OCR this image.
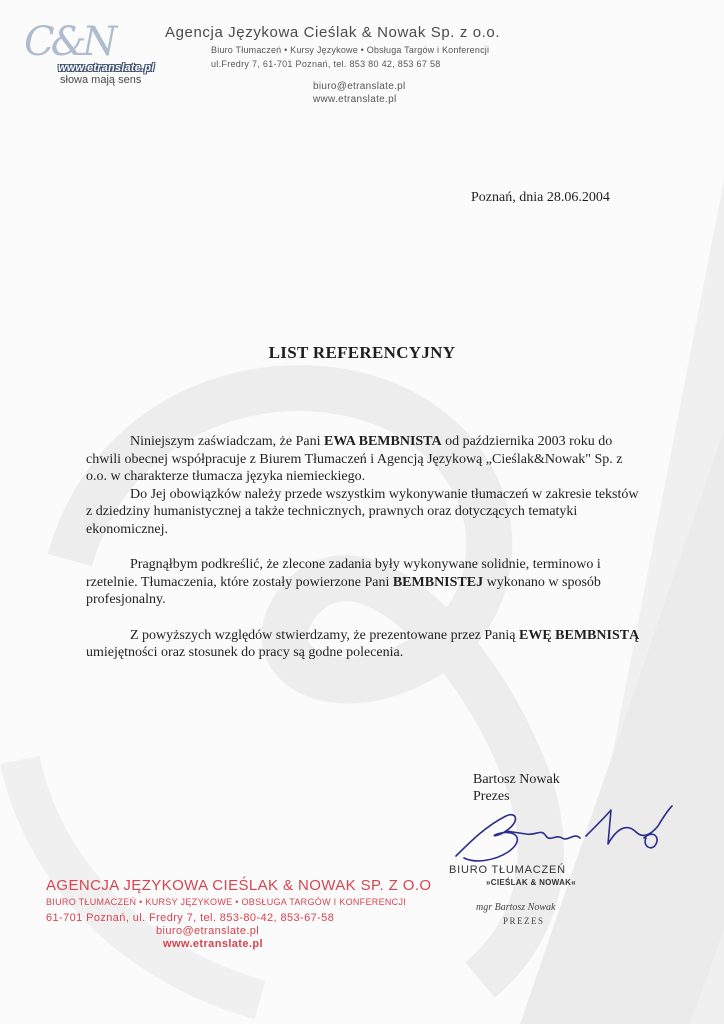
C&N
www.etranslate.pl
słowa mają sens
Agencja Językowa Cieślak & Nowak Sp. z o.o.
Biuro Tłumaczeń • Kursy Językowe • Obsługa Targów i Konferencji
ul.Fredry 7, 61-701 Poznań, tel. 853 80 42, 853 67 58
biuro@etranslate.pl
www.etranslate.pl
Poznań, dnia 28.06.2004
LIST REFERENCYJNY

Niniejszym zaświadczam, że Pani EWA BEMBNISTA od października 2003 roku do chwili obecnej współpracuje z Biurem Tłumaczeń i Agencją Językową „Cieślak&Nowak" Sp. z o.o. w charakterze tłumacza języka niemieckiego.

Do Jej obowiązków należy przede wszystkim wykonywanie tłumaczeń w zakresie tekstów z dziedziny humanistycznej a także technicznych, prawnych oraz dotyczących tematyki ekonomicznej.

Pragnąłbym podkreślić, że zlecone zadania były wykonywane solidnie, terminowo i rzetelnie. Tłumaczenia, które zostały powierzone Pani BEMBNISTEJ wykonano w sposób profesjonalny.

Z powyższych względów stwierdzamy, że prezentowane przez Panią EWĘ BEMBNISTĄ umiejętności oraz stosunek do pracy są godne polecenia.

Bartosz Nowak
Prezes
BIURO TŁUMACZEŃ
»CIEŚLAK & NOWAK«
mgr Bartosz Nowak
PREZES
AGENCJA JĘZYKOWA CIEŚLAK & NOWAK SP. Z O.O
BIURO TŁUMACZEŃ • KURSY JĘZYKOWE • OBSŁUGA TARGÓW I KONFERENCJI
61-701 Poznań, ul. Fredry 7, tel. 853-80-42, 853-67-58
biuro@etranslate.pl
www.etranslate.pl
